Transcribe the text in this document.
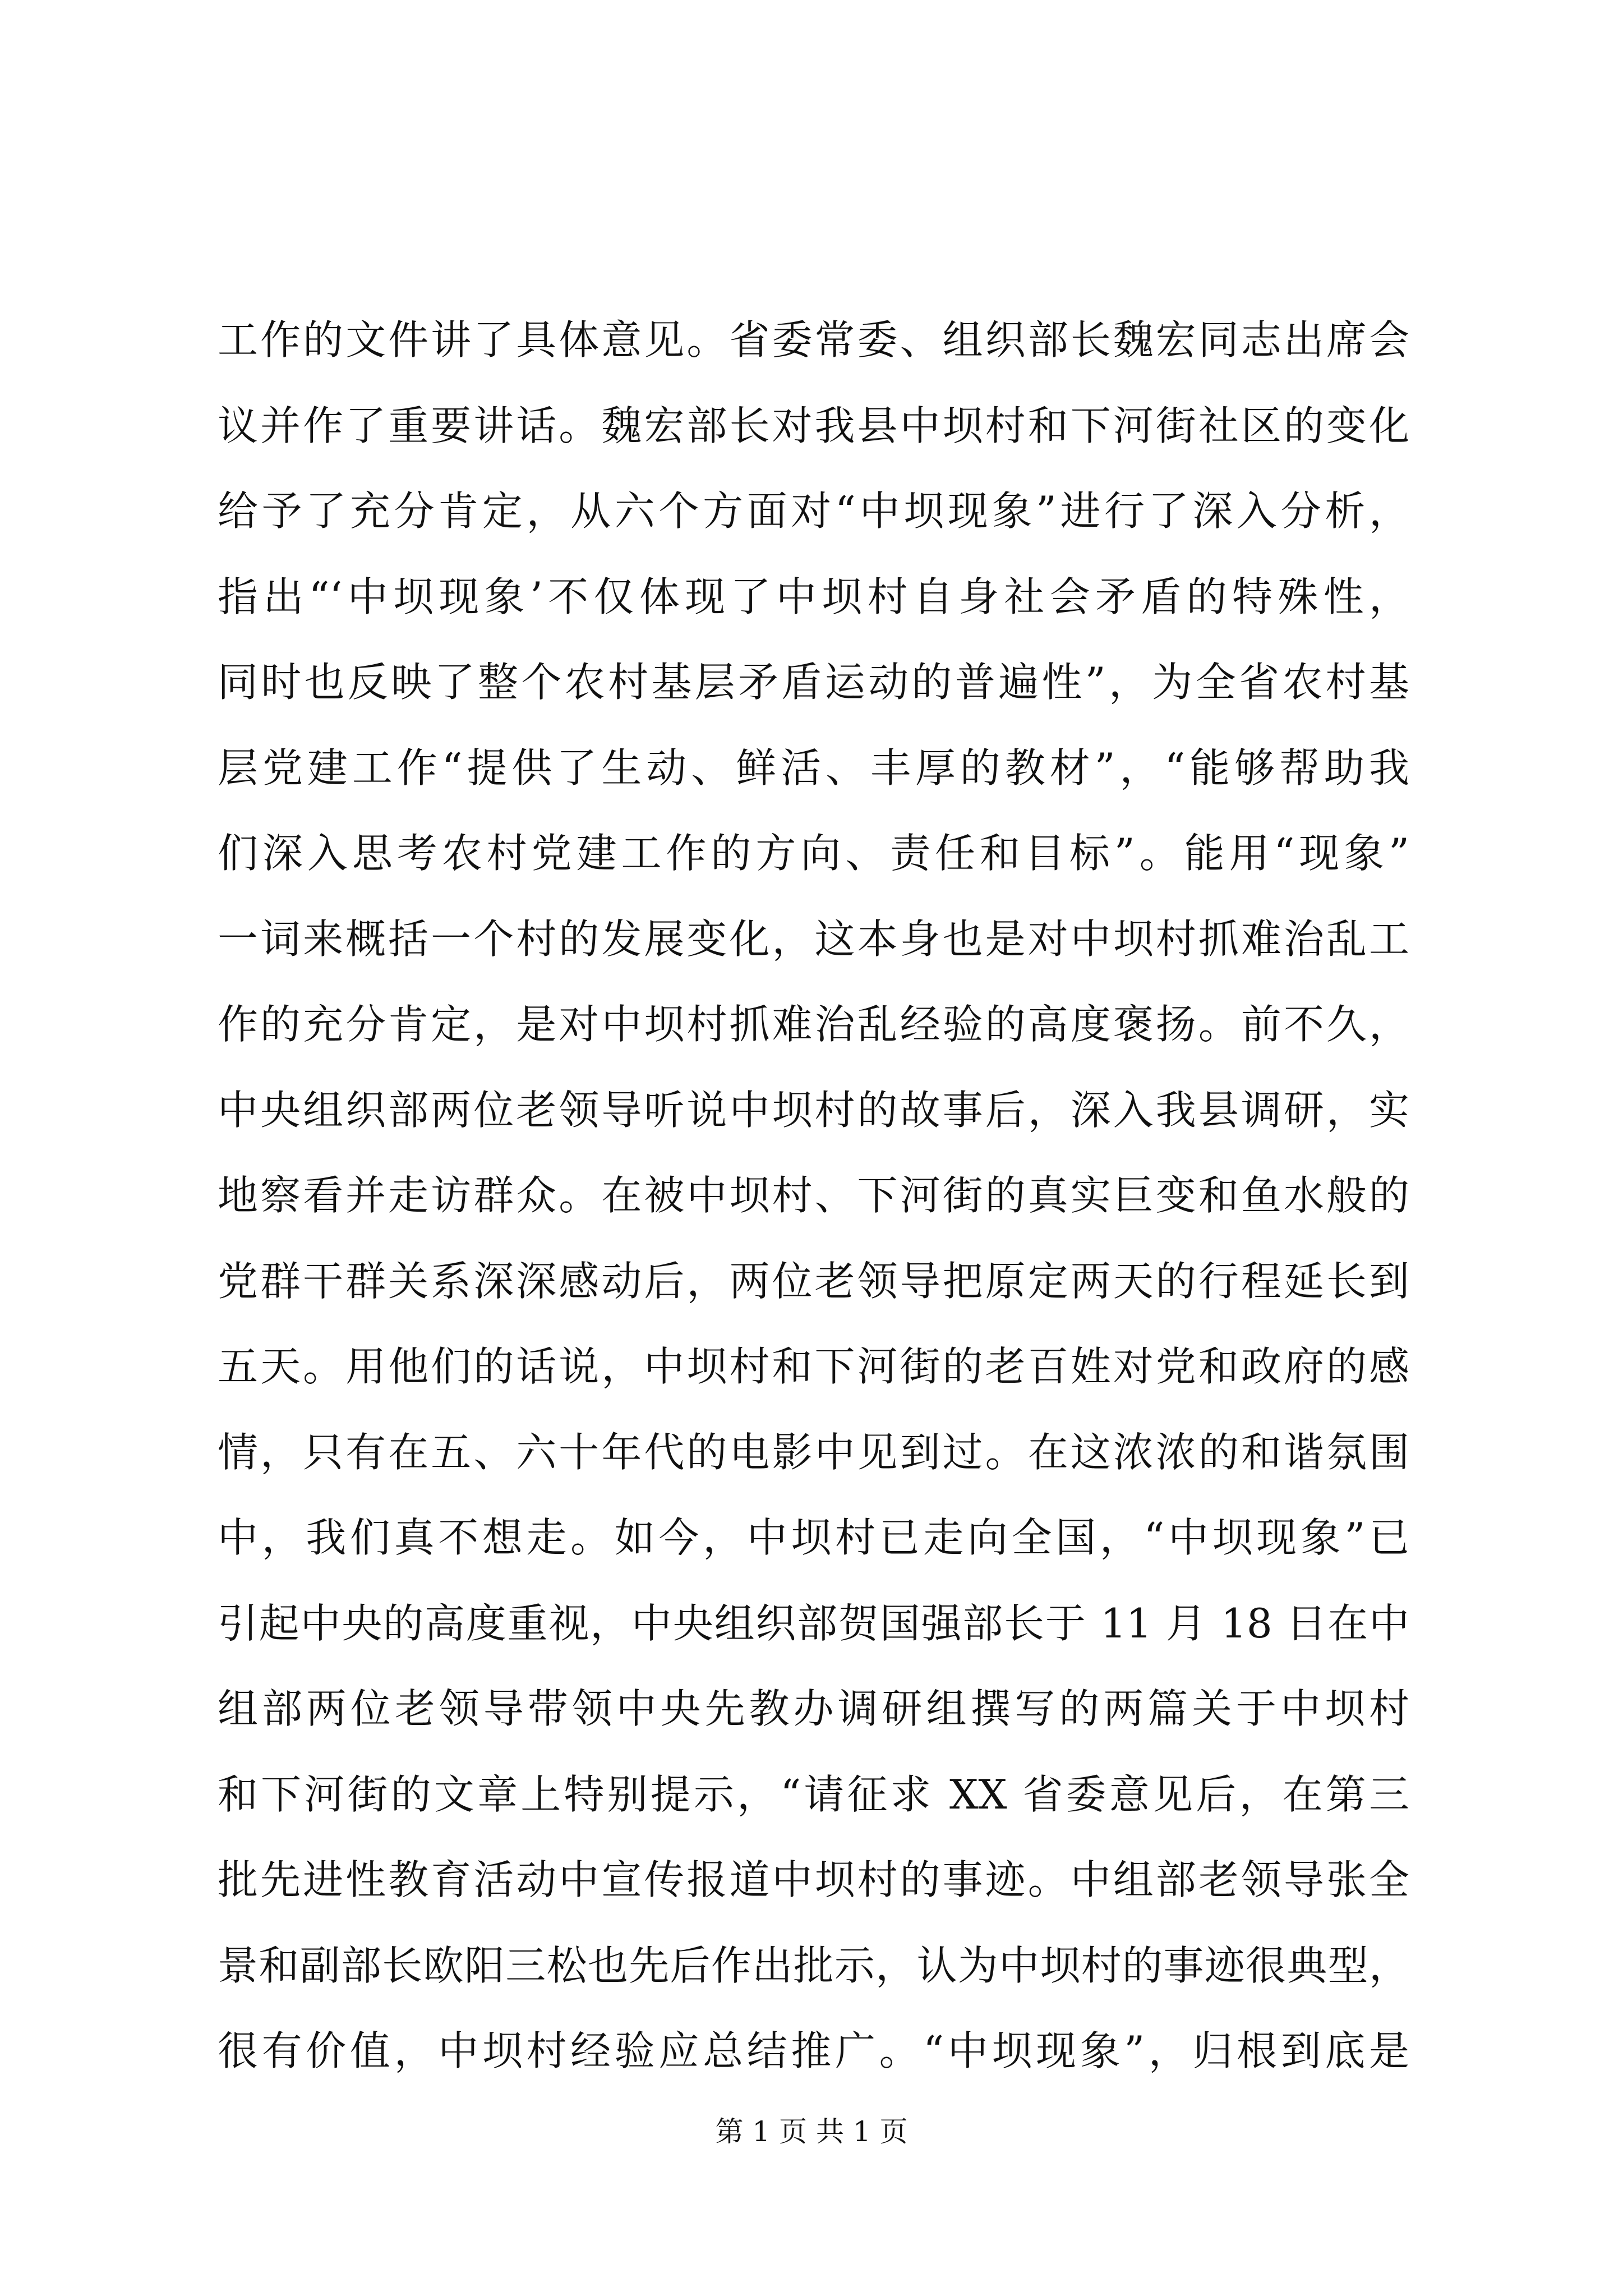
工作的文件讲了具体意见。省委常委、组织部长魏宏同志出席会
议并作了重要讲话。魏宏部长对我县中坝村和下河街社区的变化
给予了充分肯定，从六个方面对“中坝现象”进行了深入分析，
指出“‘中坝现象’不仅体现了中坝村自身社会矛盾的特殊性，
同时也反映了整个农村基层矛盾运动的普遍性”，为全省农村基
层党建工作“提供了生动、鲜活、丰厚的教材”，“能够帮助我
们深入思考农村党建工作的方向、责任和目标”。能用“现象”
一词来概括一个村的发展变化，这本身也是对中坝村抓难治乱工
作的充分肯定，是对中坝村抓难治乱经验的高度褒扬。前不久，
中央组织部两位老领导听说中坝村的故事后，深入我县调研，实
地察看并走访群众。在被中坝村、下河街的真实巨变和鱼水般的
党群干群关系深深感动后，两位老领导把原定两天的行程延长到
五天。用他们的话说，中坝村和下河街的老百姓对党和政府的感
情，只有在五、六十年代的电影中见到过。在这浓浓的和谐氛围
中，我们真不想走。如今，中坝村已走向全国，“中坝现象”已
引起中央的高度重视，中央组织部贺国强部长于 11 月 18 日在中
组部两位老领导带领中央先教办调研组撰写的两篇关于中坝村
和下河街的文章上特别提示，“请征求 XX 省委意见后，在第三
批先进性教育活动中宣传报道中坝村的事迹。中组部老领导张全
景和副部长欧阳三松也先后作出批示，认为中坝村的事迹很典型，
很有价值，中坝村经验应总结推广。“中坝现象”，归根到底是
第 1 页 共 1 页
